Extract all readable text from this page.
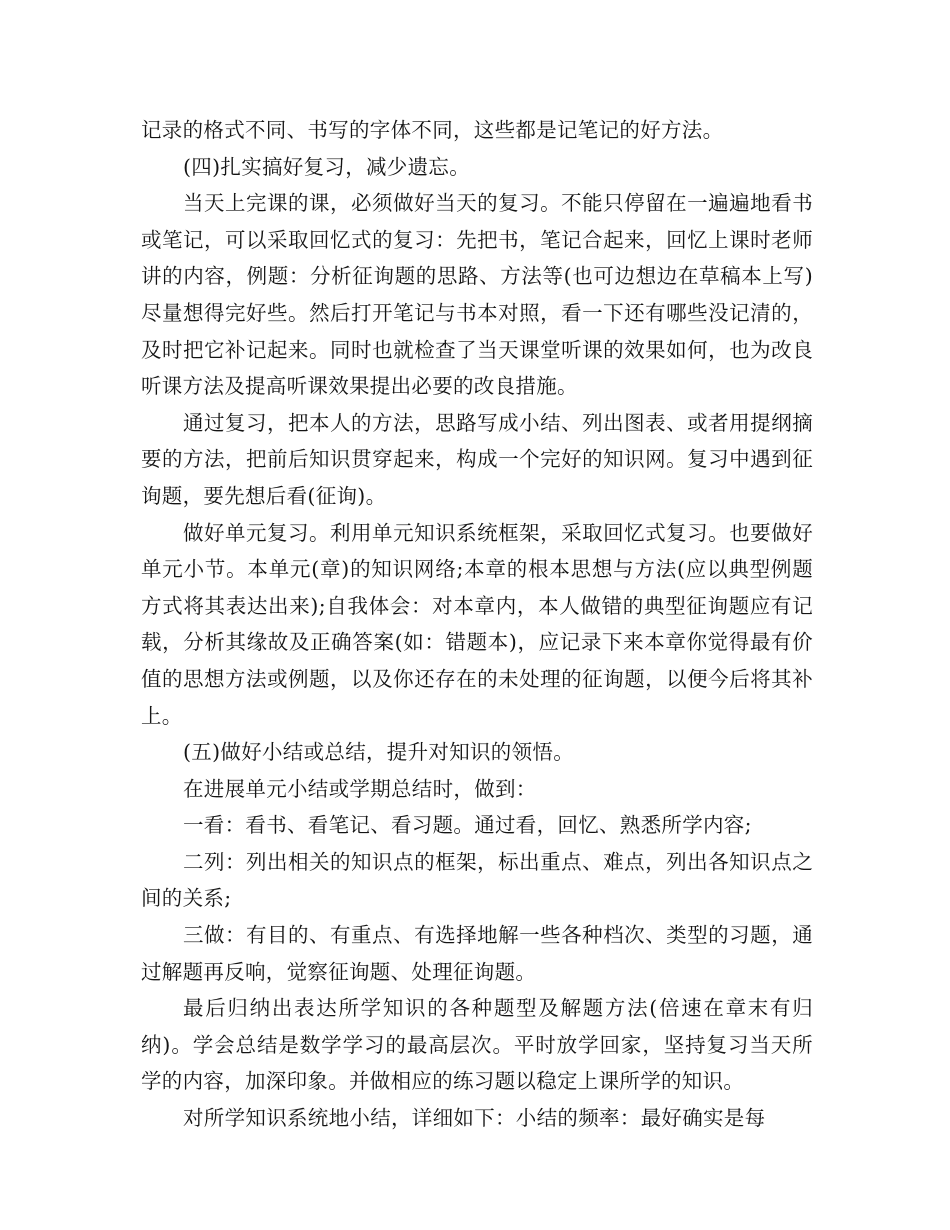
记录的格式不同、书写的字体不同，这些都是记笔记的好方法。

(四)扎实搞好复习，减少遗忘。

当天上完课的课，必须做好当天的复习。不能只停留在一遍遍地看书或笔记，可以采取回忆式的复习：先把书，笔记合起来，回忆上课时老师讲的内容，例题：分析征询题的思路、方法等(也可边想边在草稿本上写)尽量想得完好些。然后打开笔记与书本对照，看一下还有哪些没记清的，及时把它补记起来。同时也就检查了当天课堂听课的效果如何，也为改良听课方法及提高听课效果提出必要的改良措施。

通过复习，把本人的方法，思路写成小结、列出图表、或者用提纲摘要的方法，把前后知识贯穿起来，构成一个完好的知识网。复习中遇到征询题，要先想后看(征询)。

做好单元复习。利用单元知识系统框架，采取回忆式复习。也要做好单元小节。本单元(章)的知识网络;本章的根本思想与方法(应以典型例题方式将其表达出来);自我体会：对本章内，本人做错的典型征询题应有记载，分析其缘故及正确答案(如：错题本)，应记录下来本章你觉得最有价值的思想方法或例题，以及你还存在的未处理的征询题，以便今后将其补上。

(五)做好小结或总结，提升对知识的领悟。

在进展单元小结或学期总结时，做到：

一看：看书、看笔记、看习题。通过看，回忆、熟悉所学内容;

二列：列出相关的知识点的框架，标出重点、难点，列出各知识点之间的关系;

三做：有目的、有重点、有选择地解一些各种档次、类型的习题，通过解题再反响，觉察征询题、处理征询题。

最后归纳出表达所学知识的各种题型及解题方法(倍速在章末有归纳)。学会总结是数学学习的最高层次。平时放学回家，坚持复习当天所学的内容，加深印象。并做相应的练习题以稳定上课所学的知识。

对所学知识系统地小结，详细如下：小结的频率：最好确实是每
